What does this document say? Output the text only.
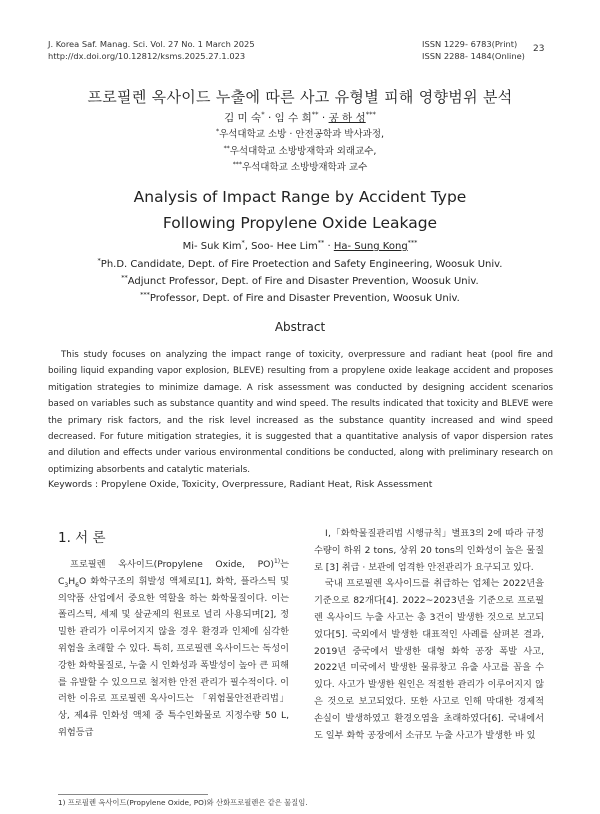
J. Korea Saf. Manag. Sci. Vol. 27 No. 1 March 2025
http://dx.doi.org/10.12812/ksms.2025.27.1.023
ISSN 1229- 6783(Print)
ISSN 2288- 1484(Online)
23
프로필렌 옥사이드 누출에 따른 사고 유형별 피해 영향범위 분석
김 미 숙* · 임 수 희** · 공 하 성***
*우석대학교 소방 · 안전공학과 박사과정,
**우석대학교 소방방재학과 외래교수,
***우석대학교 소방방재학과 교수
Analysis of Impact Range by Accident Type
Following Propylene Oxide Leakage
Mi- Suk Kim*, Soo- Hee Lim** · Ha- Sung Kong***
*Ph.D. Candidate, Dept. of Fire Proetection and Safety Engineering, Woosuk Univ.
**Adjunct Professor, Dept. of Fire and Disaster Prevention, Woosuk Univ.
***Professor, Dept. of Fire and Disaster Prevention, Woosuk Univ.
Abstract
This study focuses on analyzing the impact range of toxicity, overpressure and radiant heat (pool fire and boiling liquid expanding vapor explosion, BLEVE) resulting from a propylene oxide leakage accident and proposes mitigation strategies to minimize damage. A risk assessment was conducted by designing accident scenarios based on variables such as substance quantity and wind speed. The results indicated that toxicity and BLEVE were the primary risk factors, and the risk level increased as the substance quantity increased and wind speed decreased. For future mitigation strategies, it is suggested that a quantitative analysis of vapor dispersion rates and dilution and effects under various environmental conditions be conducted, along with preliminary research on optimizing absorbents and catalytic materials.
Keywords : Propylene Oxide, Toxicity, Overpressure, Radiant Heat, Risk Assessment
1. 서 론
프로필렌 옥사이드(Propylene Oxide, PO)$^{1)}$는 $C_3H_6O$ 화학구조의 휘발성 액체로[1], 화학, 플라스틱 및 의약품 산업에서 중요한 역할을 하는 화학물질이다. 이는 폴리스틱, 세제 및 살균제의 원료로 널리 사용되며[2], 정밀한 관리가 이루어지지 않을 경우 환경과 인체에 심각한 위험을 초래할 수 있다. 특히, 프로필렌 옥사이드는 독성이 강한 화학물질로, 누출 시 인화성과 폭발성이 높아 큰 피해를 유발할 수 있으므로 철저한 안전 관리가 필수적이다. 이러한 이유로 프로필렌 옥사이드는 「위험물안전관리법」상, 제4류 인화성 액체 중 특수인화물로 지정수량 50 L, 위험등급
Ⅰ,「화학물질관리법 시행규칙」별표3의 2에 따라 규정 수량이 하위 2 tons, 상위 20 tons의 인화성이 높은 물질로 [3] 취급 · 보관에 엄격한 안전관리가 요구되고 있다.
국내 프로필렌 옥사이드를 취급하는 업체는 2022년을 기준으로 82개다[4]. 2022~2023년을 기준으로 프로필렌 옥사이드 누출 사고는 총 3건이 발생한 것으로 보고되었다[5]. 국외에서 발생한 대표적인 사례를 살펴본 결과, 2019년 중국에서 발생한 대형 화학 공장 폭발 사고, 2022년 미국에서 발생한 물류창고 유출 사고를 꼽을 수 있다. 사고가 발생한 원인은 적절한 관리가 이루어지지 않은 것으로 보고되었다. 또한 사고로 인해 막대한 경제적 손실이 발생하였고 환경오염을 초래하였다[6]. 국내에서도 일부 화학 공장에서 소규모 누출 사고가 발생한 바 있
1) 프로필렌 옥사이드(Propylene Oxide, PO)와 산화프로필렌은 같은 물질임.
